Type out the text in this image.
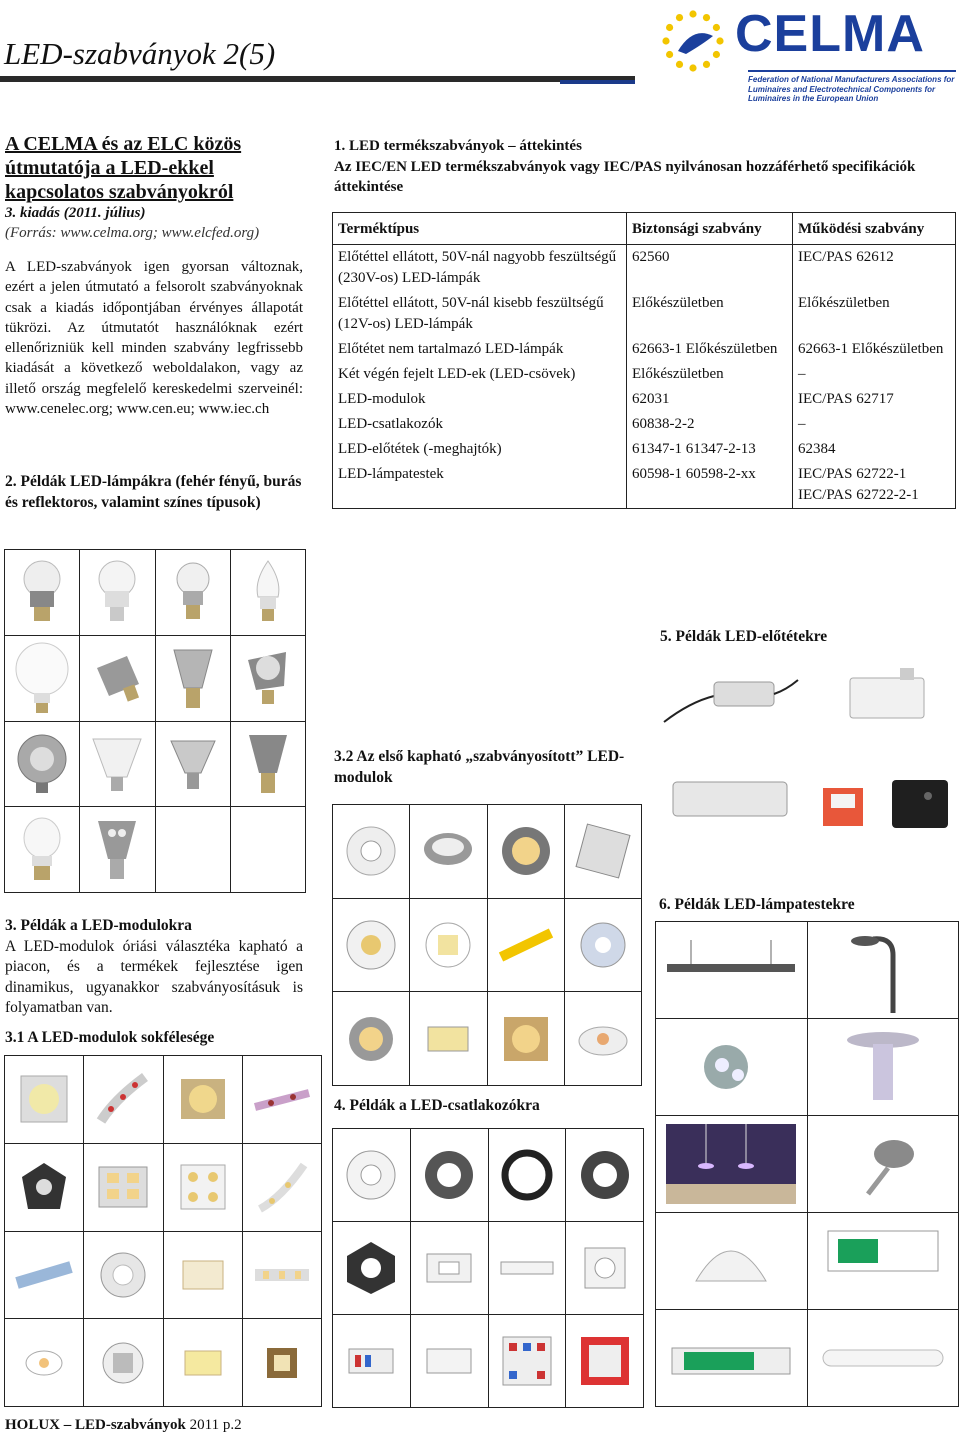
LED-szabványok 2(5)	CELMA
Federation of National Manufacturers Associations for Luminaires and Electrotechnical Components for Luminaires in the European Union
A CELMA és az ELC közös útmutatója a LED-ekkel kapcsolatos szabványokról
3. kiadás (2011. július)
(Forrás: www.celma.org; www.elcfed.org)
A LED-szabványok igen gyorsan változnak, ezért a jelen útmutató a felsorolt szabványoknak csak a kiadás időpontjában érvényes állapotát tükrözi. Az útmutatót használóknak ezért ellenőrizniük kell minden szabvány legfrissebb kiadását a következő weboldalakon, vagy az illető ország megfelelő kereskedelmi szerveinél: www.cenelec.org; www.cen.eu; www.iec.ch
2. Példák LED-lámpákra (fehér fényű, burás és reflektoros, valamint színes típusok)
3. Példák a LED-modulokra
A LED-modulok óriási választéka kapható a piacon, és a termékek fejlesztése igen dinamikus, ugyanakkor szabványosításuk is folyamatban van.
3.1 A LED-modulok sokfélesége
1. LED termékszabványok – áttekintés
Az IEC/EN LED termékszabványok vagy IEC/PAS nyilvánosan hozzáférhető specifikációk áttekintése
Terméktípus	Biztonsági szabvány	Működési szabvány
Előtéttel ellátott, 50V-nál nagyobb feszültségű (230V-os) LED-lámpák	62560	IEC/PAS 62612
Előtéttel ellátott, 50V-nál kisebb feszültségű (12V-os) LED-lámpák	Előkészületben	Előkészületben
Előtétet nem tartalmazó LED-lámpák	62663-1 Előkészületben	62663-1 Előkészületben
Két végén fejelt LED-ek (LED-csövek)	Előkészületben	–
LED-modulok	62031	IEC/PAS 62717
LED-csatlakozók	60838-2-2	–
LED-előtétek (-meghajtók)	61347-1 61347-2-13	62384
LED-lámpatestek	60598-1 60598-2-xx	IEC/PAS 62722-1 IEC/PAS 62722-2-1
5. Példák LED-előtétekre
3.2 Az első kapható „szabványosított” LED-modulok
6. Példák LED-lámpatestekre
4. Példák a LED-csatlakozókra
HOLUX – LED-szabványok 2011 p.2
